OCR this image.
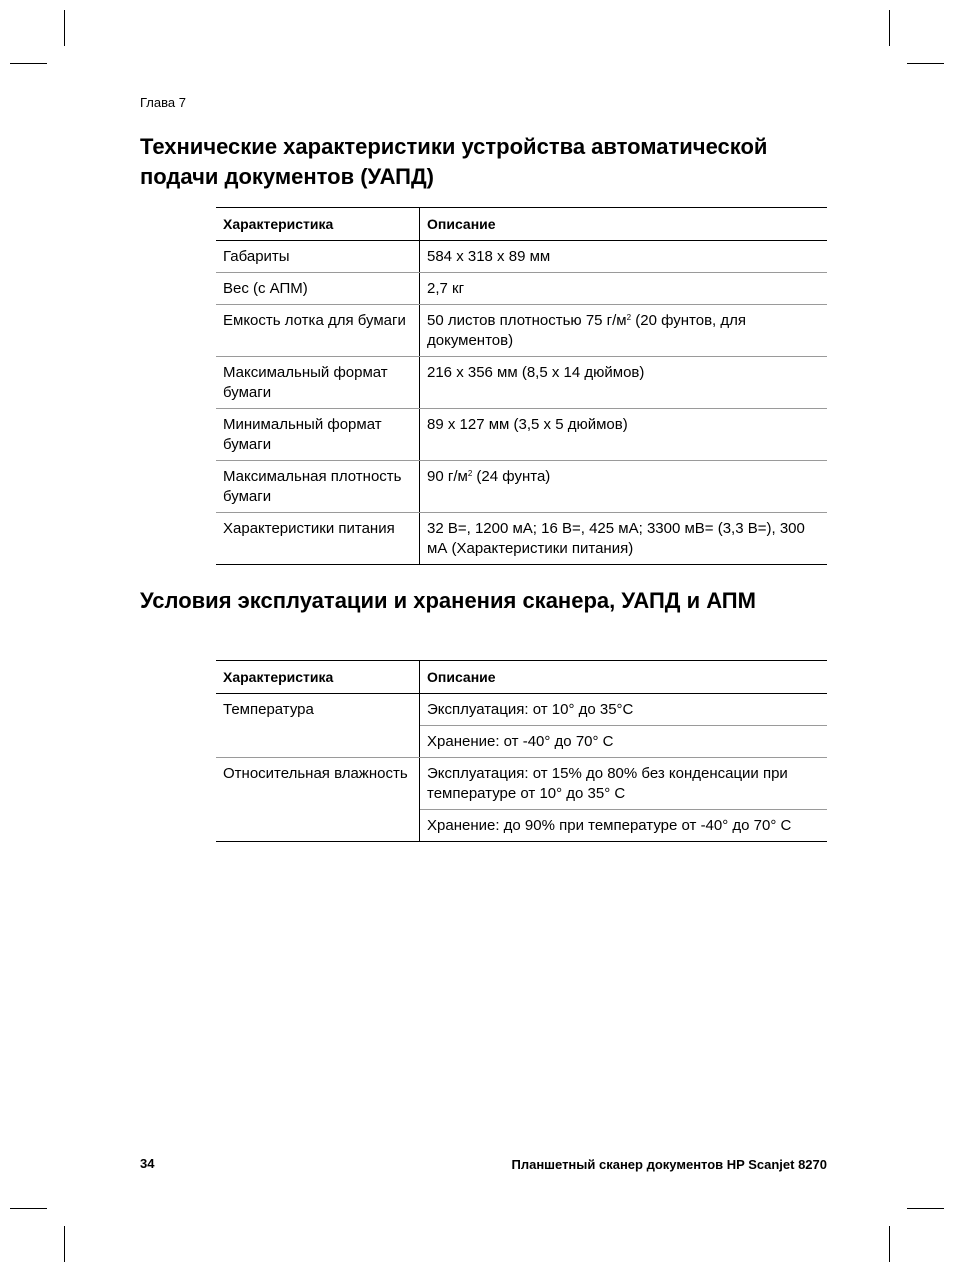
Глава 7
Технические характеристики устройства автоматической подачи документов (УАПД)
Характеристика	Описание
Габариты	584 x 318 x 89 мм
Вес (с АПМ)	2,7 кг
Емкость лотка для бумаги	50 листов плотностью 75 $г/м^2$ (20 фунтов, для документов)
Максимальный формат бумаги	216 x 356 мм (8,5 x 14 дюймов)
Минимальный формат бумаги	89 x 127 мм (3,5 x 5 дюймов)
Максимальная плотность бумаги	90 $г/м^2$ (24 фунта)
Характеристики питания	32 В=, 1200 мА; 16 В=, 425 мА; 3300 мВ= (3,3 В=), 300 мА (Характеристики питания)
Условия эксплуатации и хранения сканера, УАПД и АПМ
Характеристика	Описание
Температура	Эксплуатация: от 10° до 35°C
	Хранение: от -40° до 70° C
Относительная влажность	Эксплуатация: от 15% до 80% без конденсации при температуре от 10° до 35° C
	Хранение: до 90% при температуре от -40° до 70° C
34	Планшетный сканер документов HP Scanjet 8270
